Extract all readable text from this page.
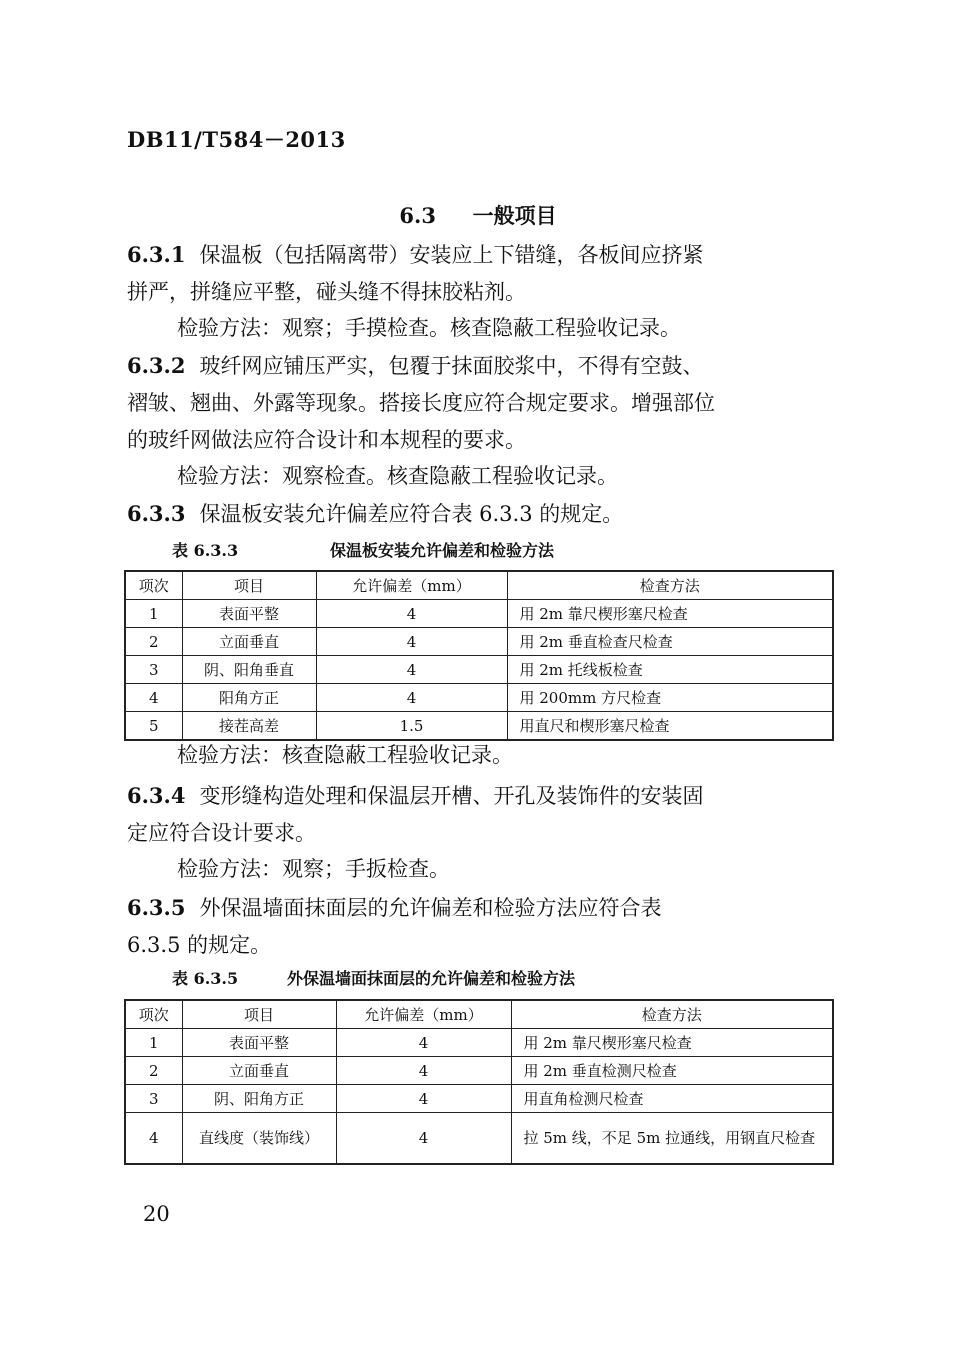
DB11/T584－2013
6.3 一般项目
6.3.1 保温板（包括隔离带）安装应上下错缝，各板间应挤紧
拼严，拼缝应平整，碰头缝不得抹胶粘剂。
检验方法：观察；手摸检查。核查隐蔽工程验收记录。
6.3.2 玻纤网应铺压严实，包覆于抹面胶浆中，不得有空鼓、
褶皱、翘曲、外露等现象。搭接长度应符合规定要求。增强部位
的玻纤网做法应符合设计和本规程的要求。
检验方法：观察检查。核查隐蔽工程验收记录。
6.3.3 保温板安装允许偏差应符合表 6.3.3 的规定。
表 6.3.3	保温板安装允许偏差和检验方法
项次	项目	允许偏差（mm）	检查方法
1	表面平整	4	用 2m 靠尺楔形塞尺检查
2	立面垂直	4	用 2m 垂直检查尺检查
3	阴、阳角垂直	4	用 2m 托线板检查
4	阳角方正	4	用 200mm 方尺检查
5	接茬高差	1.5	用直尺和楔形塞尺检查
检验方法：核查隐蔽工程验收记录。
6.3.4 变形缝构造处理和保温层开槽、开孔及装饰件的安装固
定应符合设计要求。
检验方法：观察；手扳检查。
6.3.5 外保温墙面抹面层的允许偏差和检验方法应符合表
6.3.5 的规定。
表 6.3.5	外保温墙面抹面层的允许偏差和检验方法
项次	项目	允许偏差（mm）	检查方法
1	表面平整	4	用 2m 靠尺楔形塞尺检查
2	立面垂直	4	用 2m 垂直检测尺检查
3	阴、阳角方正	4	用直角检测尺检查
4	直线度（装饰线）	4	拉 5m 线，不足 5m 拉通线，用钢直尺检查
20
